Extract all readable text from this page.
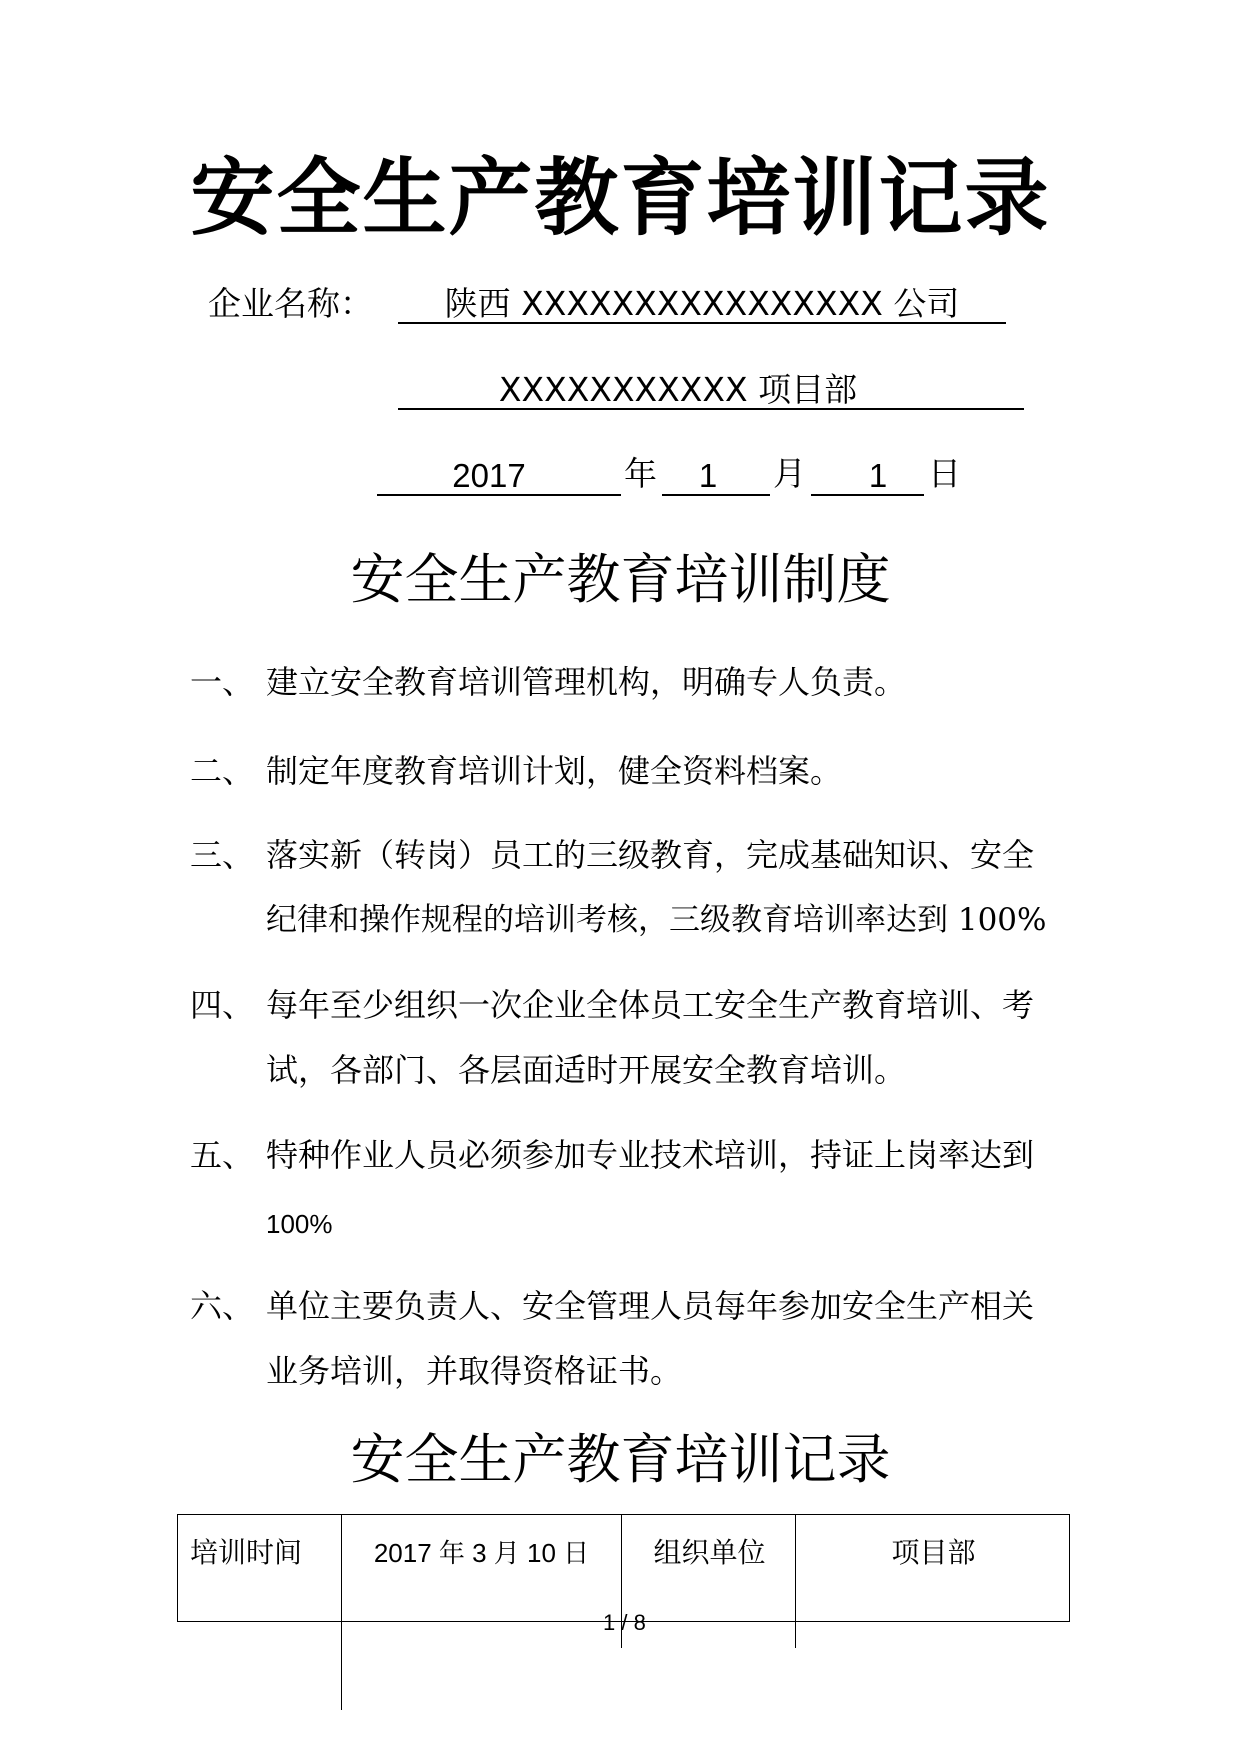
安全生产教育培训记录
企业名称：	陕西 XXXXXXXXXXXXXXXX 公司
XXXXXXXXXXX 项目部
2017	年	1	月	1	日
安全生产教育培训制度
一、 建立安全教育培训管理机构，明确专人负责。
二、 制定年度教育培训计划，健全资料档案。
三、 落实新（转岗）员工的三级教育，完成基础知识、安全
纪律和操作规程的培训考核，三级教育培训率达到 100%
四、 每年至少组织一次企业全体员工安全生产教育培训、考
试，各部门、各层面适时开展安全教育培训。
五、 特种作业人员必须参加专业技术培训，持证上岗率达到
100%
六、 单位主要负责人、安全管理人员每年参加安全生产相关
业务培训，并取得资格证书。
安全生产教育培训记录
培训时间	2017 年 3 月 10 日	组织单位	项目部
1 / 8
